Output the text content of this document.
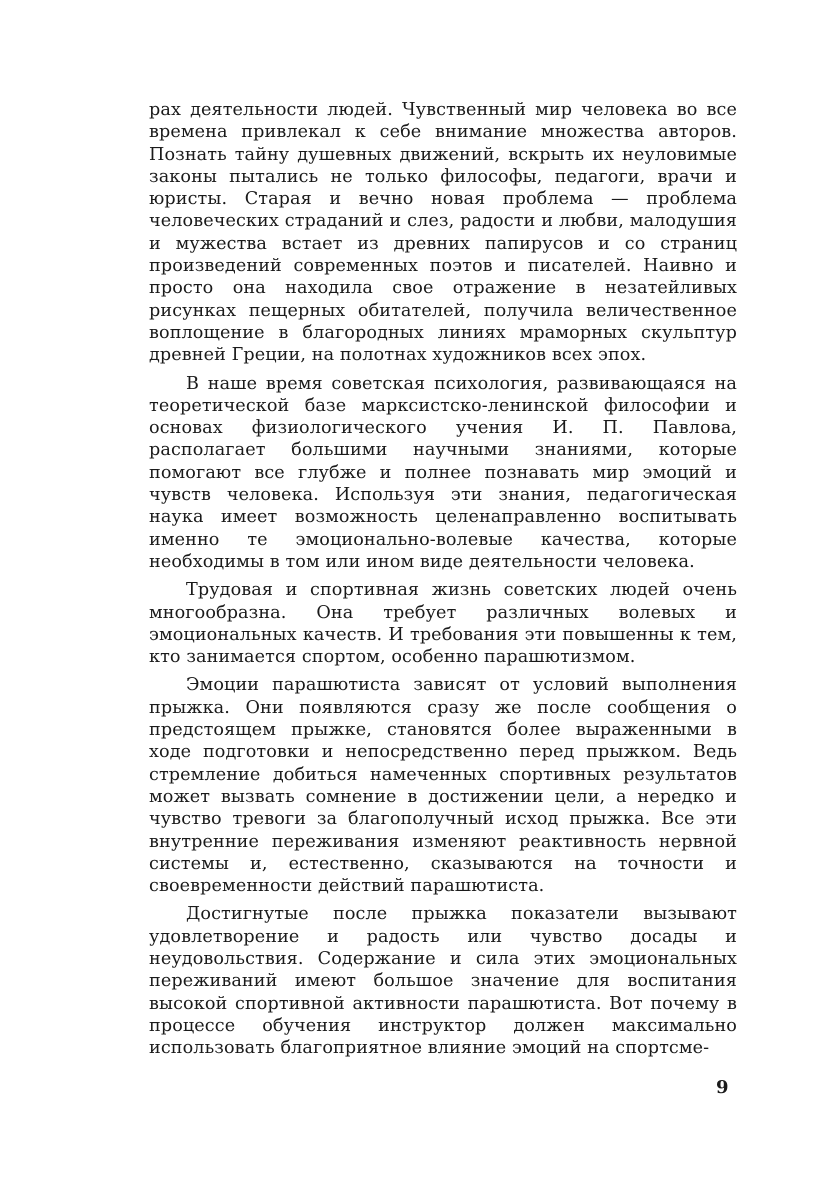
рах деятельности людей. Чувственный мир человека во все времена привлекал к себе внимание множества авторов. Познать тайну душевных движений, вскрыть их неуловимые законы пытались не только философы, педагоги, врачи и юристы. Старая и вечно новая проблема — проблема человеческих страданий и слез, радости и любви, малодушия и мужества встает из древних папирусов и со страниц произведений современных поэтов и писателей. Наивно и просто она находила свое отражение в незатейливых рисунках пещерных обитателей, получила величественное воплощение в благородных линиях мраморных скульптур древней Греции, на полотнах художников всех эпох.

В наше время советская психология, развивающаяся на теоретической базе марксистско-ленинской философии и основах физиологического учения И. П. Павлова, располагает большими научными знаниями, которые помогают все глубже и полнее познавать мир эмоций и чувств человека. Используя эти знания, педагогическая наука имеет возможность целенаправленно воспитывать именно те эмоционально-волевые качества, которые необходимы в том или ином виде деятельности человека.

Трудовая и спортивная жизнь советских людей очень многообразна. Она требует различных волевых и эмоциональных качеств. И требования эти повышенны к тем, кто занимается спортом, особенно парашютизмом.

Эмоции парашютиста зависят от условий выполнения прыжка. Они появляются сразу же после сообщения о предстоящем прыжке, становятся более выраженными в ходе подготовки и непосредственно перед прыжком. Ведь стремление добиться намеченных спортивных результатов может вызвать сомнение в достижении цели, а нередко и чувство тревоги за благополучный исход прыжка. Все эти внутренние переживания изменяют реактивность нервной системы и, естественно, сказываются на точности и своевременности действий парашютиста.

Достигнутые после прыжка показатели вызывают удовлетворение и радость или чувство досады и неудовольствия. Содержание и сила этих эмоциональных переживаний имеют большое значение для воспитания высокой спортивной активности парашютиста. Вот почему в процессе обучения инструктор должен максимально использовать благоприятное влияние эмоций на спортсме-

9
